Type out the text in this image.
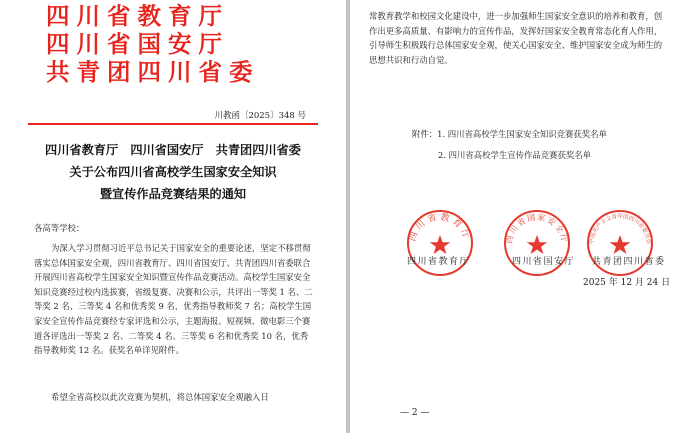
四川省教育厅
四川省国安厅
共青团四川省委
川教函〔2025〕348 号
四川省教育厅　四川省国安厅　共青团四川省委
关于公布四川省高校学生国家安全知识
暨宣传作品竞赛结果的通知
各高等学校：
为深入学习贯彻习近平总书记关于国家安全的重要论述，坚定不移贯彻落实总体国家安全观，四川省教育厅、四川省国安厅、共青团四川省委联合开展四川省高校学生国家安全知识暨宣传作品竞赛活动。高校学生国家安全知识竞赛经过校内选拔赛，省级复赛、决赛和公示，共评出一等奖 1 名、二等奖 2 名、三等奖 4 名和优秀奖 9 名，优秀指导教师奖 7 名；高校学生国家安全宣传作品竞赛经专家评选和公示，主题海报、短视频、微电影三个赛道各评选出一等奖 2 名、二等奖 4 名、三等奖 6 名和优秀奖 10 名，优秀指导教师奖 12 名。获奖名单详见附件。
希望全省高校以此次竞赛为契机，将总体国家安全观融入日
常教育教学和校园文化建设中，进一步加强师生国家安全意识的培养和教育，创作出更多高质量、有影响力的宣传作品，发挥好国家安全教育常态化育人作用，引导师生积极践行总体国家安全观，使关心国家安全、维护国家安全成为师生的思想共识和行动自觉。
附件：1. 四川省高校学生国家安全知识竞赛获奖名单
2. 四川省高校学生宣传作品竞赛获奖名单
四川省教育厅	四川省国家安全厅	中国共产主义青年团四川省委员会
四川省教育厅	四川省国安厅 共青团四川省委
2025 年 12 月 24 日
— 2 —
